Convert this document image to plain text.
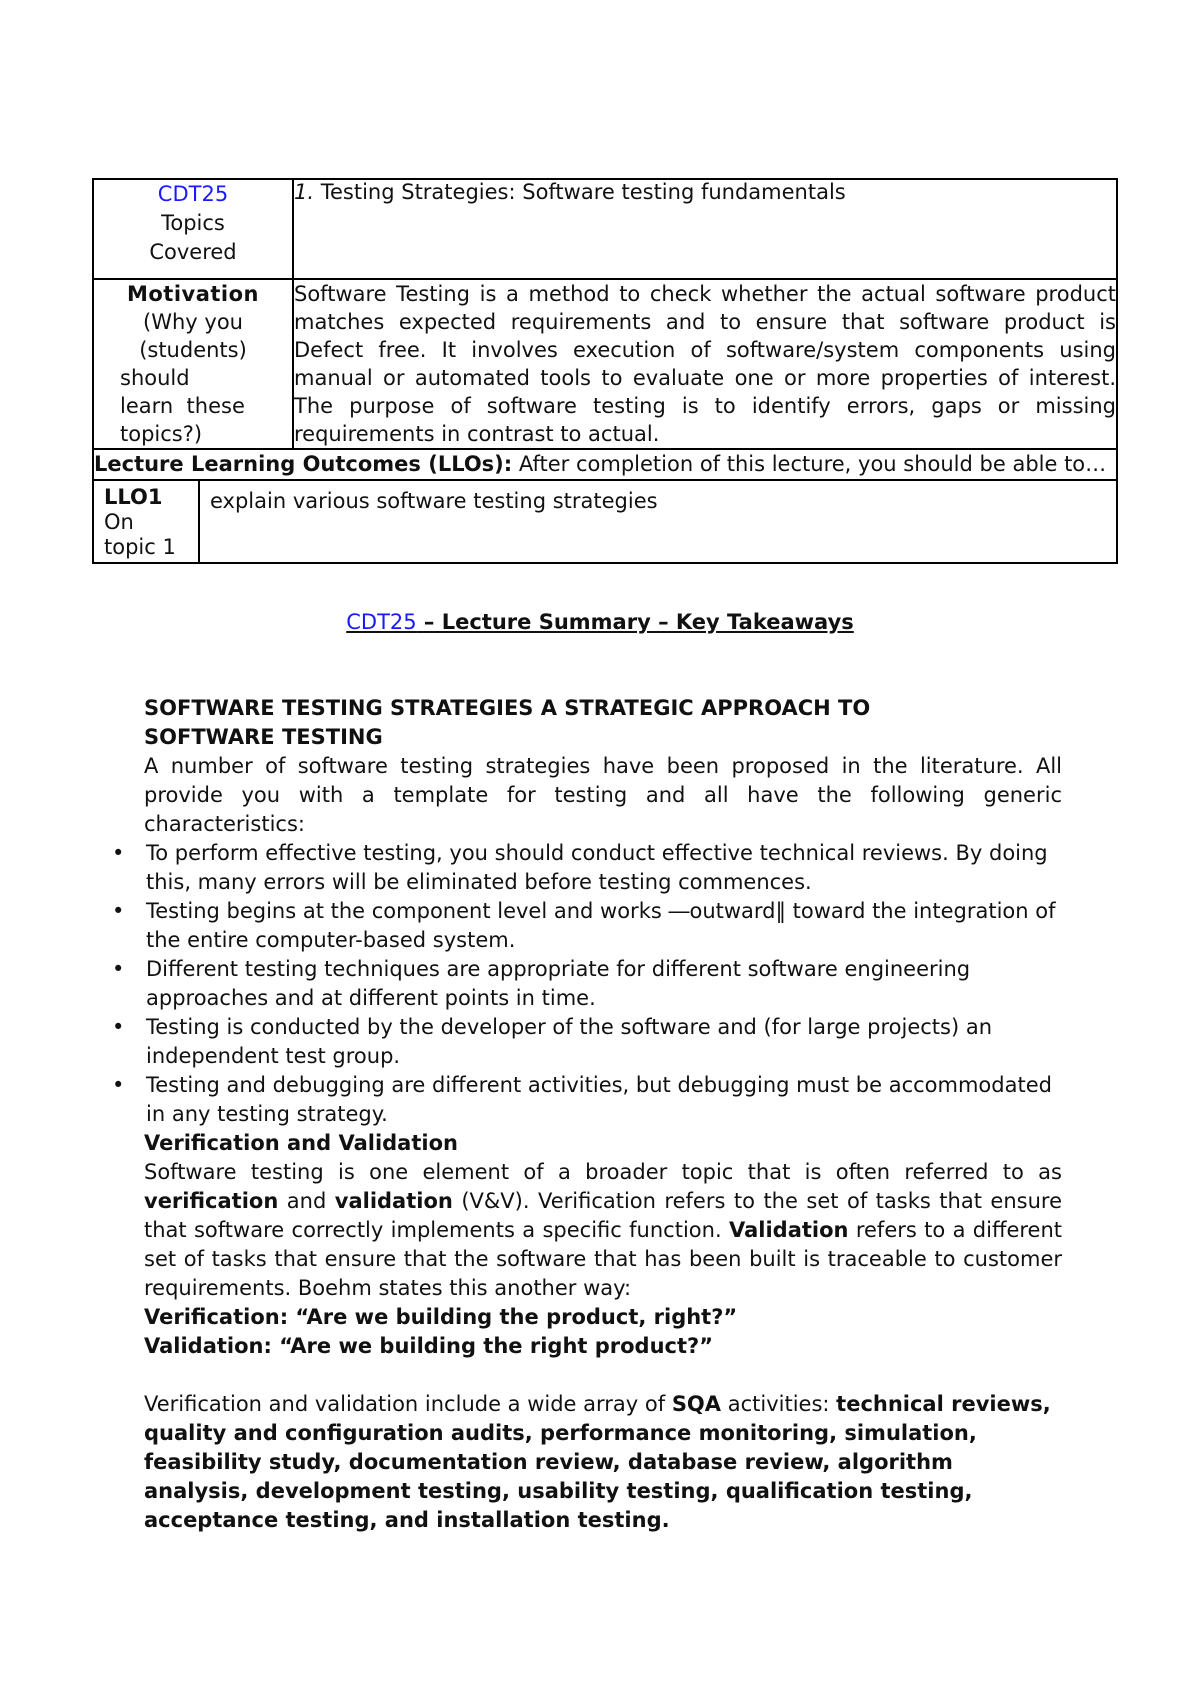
CDT25
Topics Covered
	1. Testing Strategies: Software testing fundamentals

Motivation
(Why you
(students)
should
learn  these
topics?)
	Software Testing is a method to check whether the actual software product matches expected requirements and to ensure that software product is Defect free. It involves execution of software/system components using manual or automated tools to evaluate one or more properties of interest. The purpose of software testing is to identify errors, gaps or missing requirements in contrast to actual.
Lecture Learning Outcomes (LLOs): After completion of this lecture, you should be able to…

LLO1
On
topic 1
	explain various software testing strategies
CDT25 – Lecture Summary – Key Takeaways
SOFTWARE TESTING STRATEGIES A STRATEGIC APPROACH TO SOFTWARE TESTING
A number of software testing strategies have been proposed in the literature. All provide you with a template for testing and all have the following generic characteristics:
• To perform effective testing, you should conduct effective technical reviews. By doing this, many errors will be eliminated before testing commences.
• Testing begins at the component level and works ―outward‖ toward the integration of the entire computer-based system.
• Different testing techniques are appropriate for different software engineering approaches and at different points in time.
• Testing is conducted by the developer of the software and (for large projects) an independent test group.
• Testing and debugging are different activities, but debugging must be accommodated in any testing strategy.
Verification and Validation
Software testing is one element of a broader topic that is often referred to as verification and validation (V&V). Verification refers to the set of tasks that ensure that software correctly implements a specific function. Validation refers to a different set of tasks that ensure that the software that has been built is traceable to customer requirements. Boehm states this another way:
Verification: “Are we building the product, right?”
Validation: “Are we building the right product?”
Verification and validation include a wide array of SQA activities: technical reviews, quality and configuration audits, performance monitoring, simulation, feasibility study, documentation review, database review, algorithm analysis, development testing, usability testing, qualification testing, acceptance testing, and installation testing.
